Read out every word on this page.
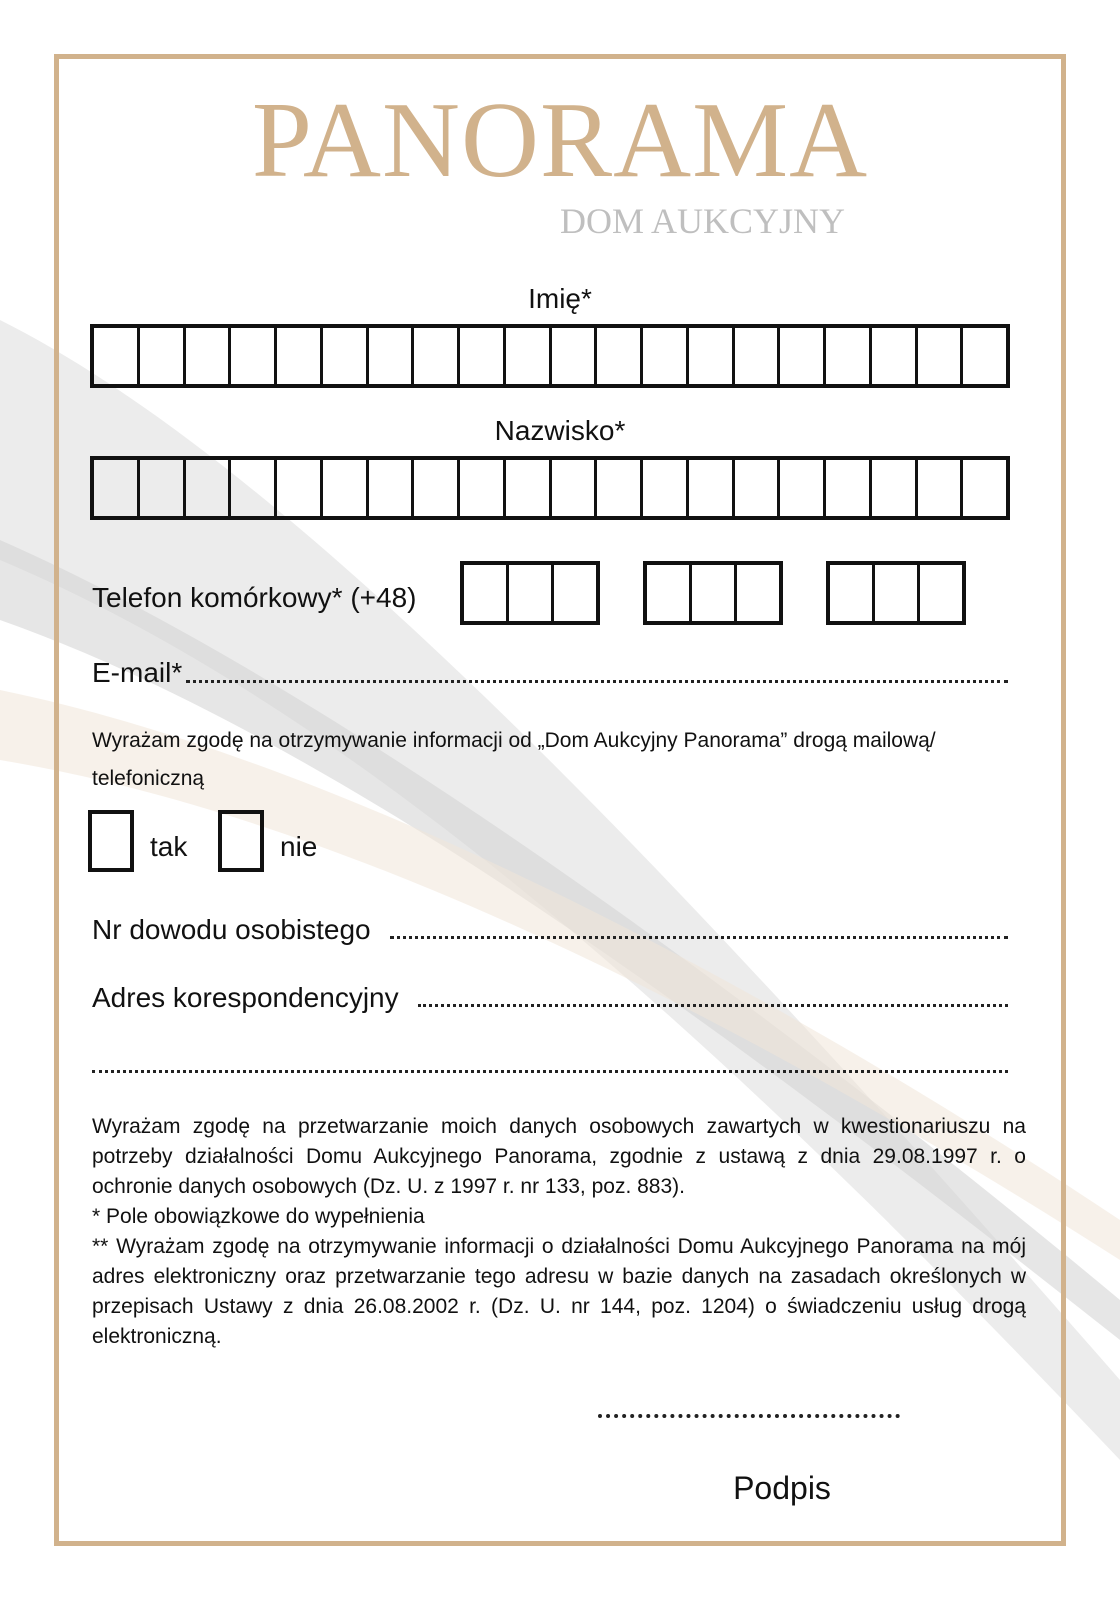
PANORAMA
DOM AUKCYJNY
Imię*
Nazwisko*
Telefon komórkowy* (+48)
E-mail*
Wyrażam zgodę na otrzymywanie informacji od „Dom Aukcyjny Panorama” drogą mailową/ telefoniczną
tak	nie
Nr dowodu osobistego
Adres korespondencyjny

Wyrażam zgodę na przetwarzanie moich danych osobowych zawartych w kwestionariuszu na potrzeby działalności Domu Aukcyjnego Panorama, zgodnie z ustawą z dnia 29.08.1997 r. o ochronie danych osobowych (Dz. U. z 1997 r. nr 133, poz. 883).

* Pole obowiązkowe do wypełnienia

** Wyrażam zgodę na otrzymywanie informacji o działalności Domu Aukcyjnego Panorama na mój adres elektroniczny oraz przetwarzanie tego adresu w bazie danych na zasadach określonych w przepisach Ustawy z dnia 26.08.2002 r. (Dz. U. nr 144, poz. 1204) o świadczeniu usług drogą elektroniczną.

Podpis
